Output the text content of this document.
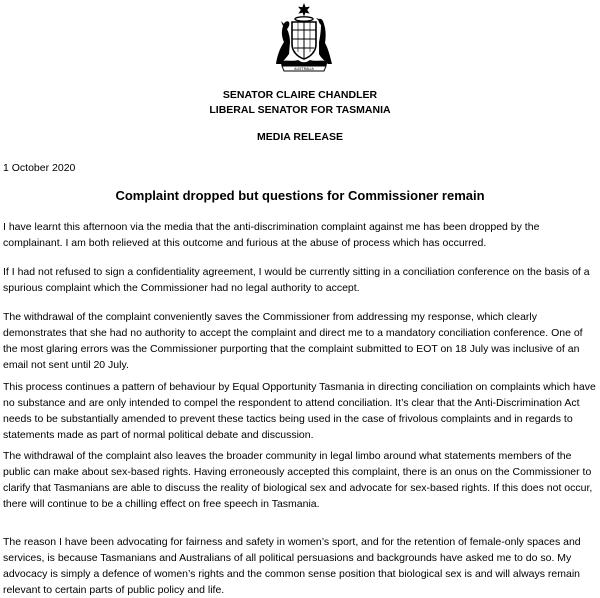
AUSTRALIA
SENATOR CLAIRE CHANDLER
LIBERAL SENATOR FOR TASMANIA
MEDIA RELEASE
1 October 2020
Complaint dropped but questions for Commissioner remain

I have learnt this afternoon via the media that the anti-discrimination complaint against me has been dropped by the complainant. I am both relieved at this outcome and furious at the abuse of process which has occurred.

If I had not refused to sign a confidentiality agreement, I would be currently sitting in a conciliation conference on the basis of a spurious complaint which the Commissioner had no legal authority to accept.

The withdrawal of the complaint conveniently saves the Commissioner from addressing my response, which clearly demonstrates that she had no authority to accept the complaint and direct me to a mandatory conciliation conference. One of the most glaring errors was the Commissioner purporting that the complaint submitted to EOT on 18 July was inclusive of an email not sent until 20 July.

This process continues a pattern of behaviour by Equal Opportunity Tasmania in directing conciliation on complaints which have no substance and are only intended to compel the respondent to attend conciliation. It’s clear that the Anti-Discrimination Act needs to be substantially amended to prevent these tactics being used in the case of frivolous complaints and in regards to statements made as part of normal political debate and discussion.

The withdrawal of the complaint also leaves the broader community in legal limbo around what statements members of the public can make about sex-based rights. Having erroneously accepted this complaint, there is an onus on the Commissioner to clarify that Tasmanians are able to discuss the reality of biological sex and advocate for sex-based rights. If this does not occur, there will continue to be a chilling effect on free speech in Tasmania.

The reason I have been advocating for fairness and safety in women’s sport, and for the retention of female-only spaces and services, is because Tasmanians and Australians of all political persuasions and backgrounds have asked me to do so. My advocacy is simply a defence of women’s rights and the common sense position that biological sex is and will always remain relevant to certain parts of public policy and life.
